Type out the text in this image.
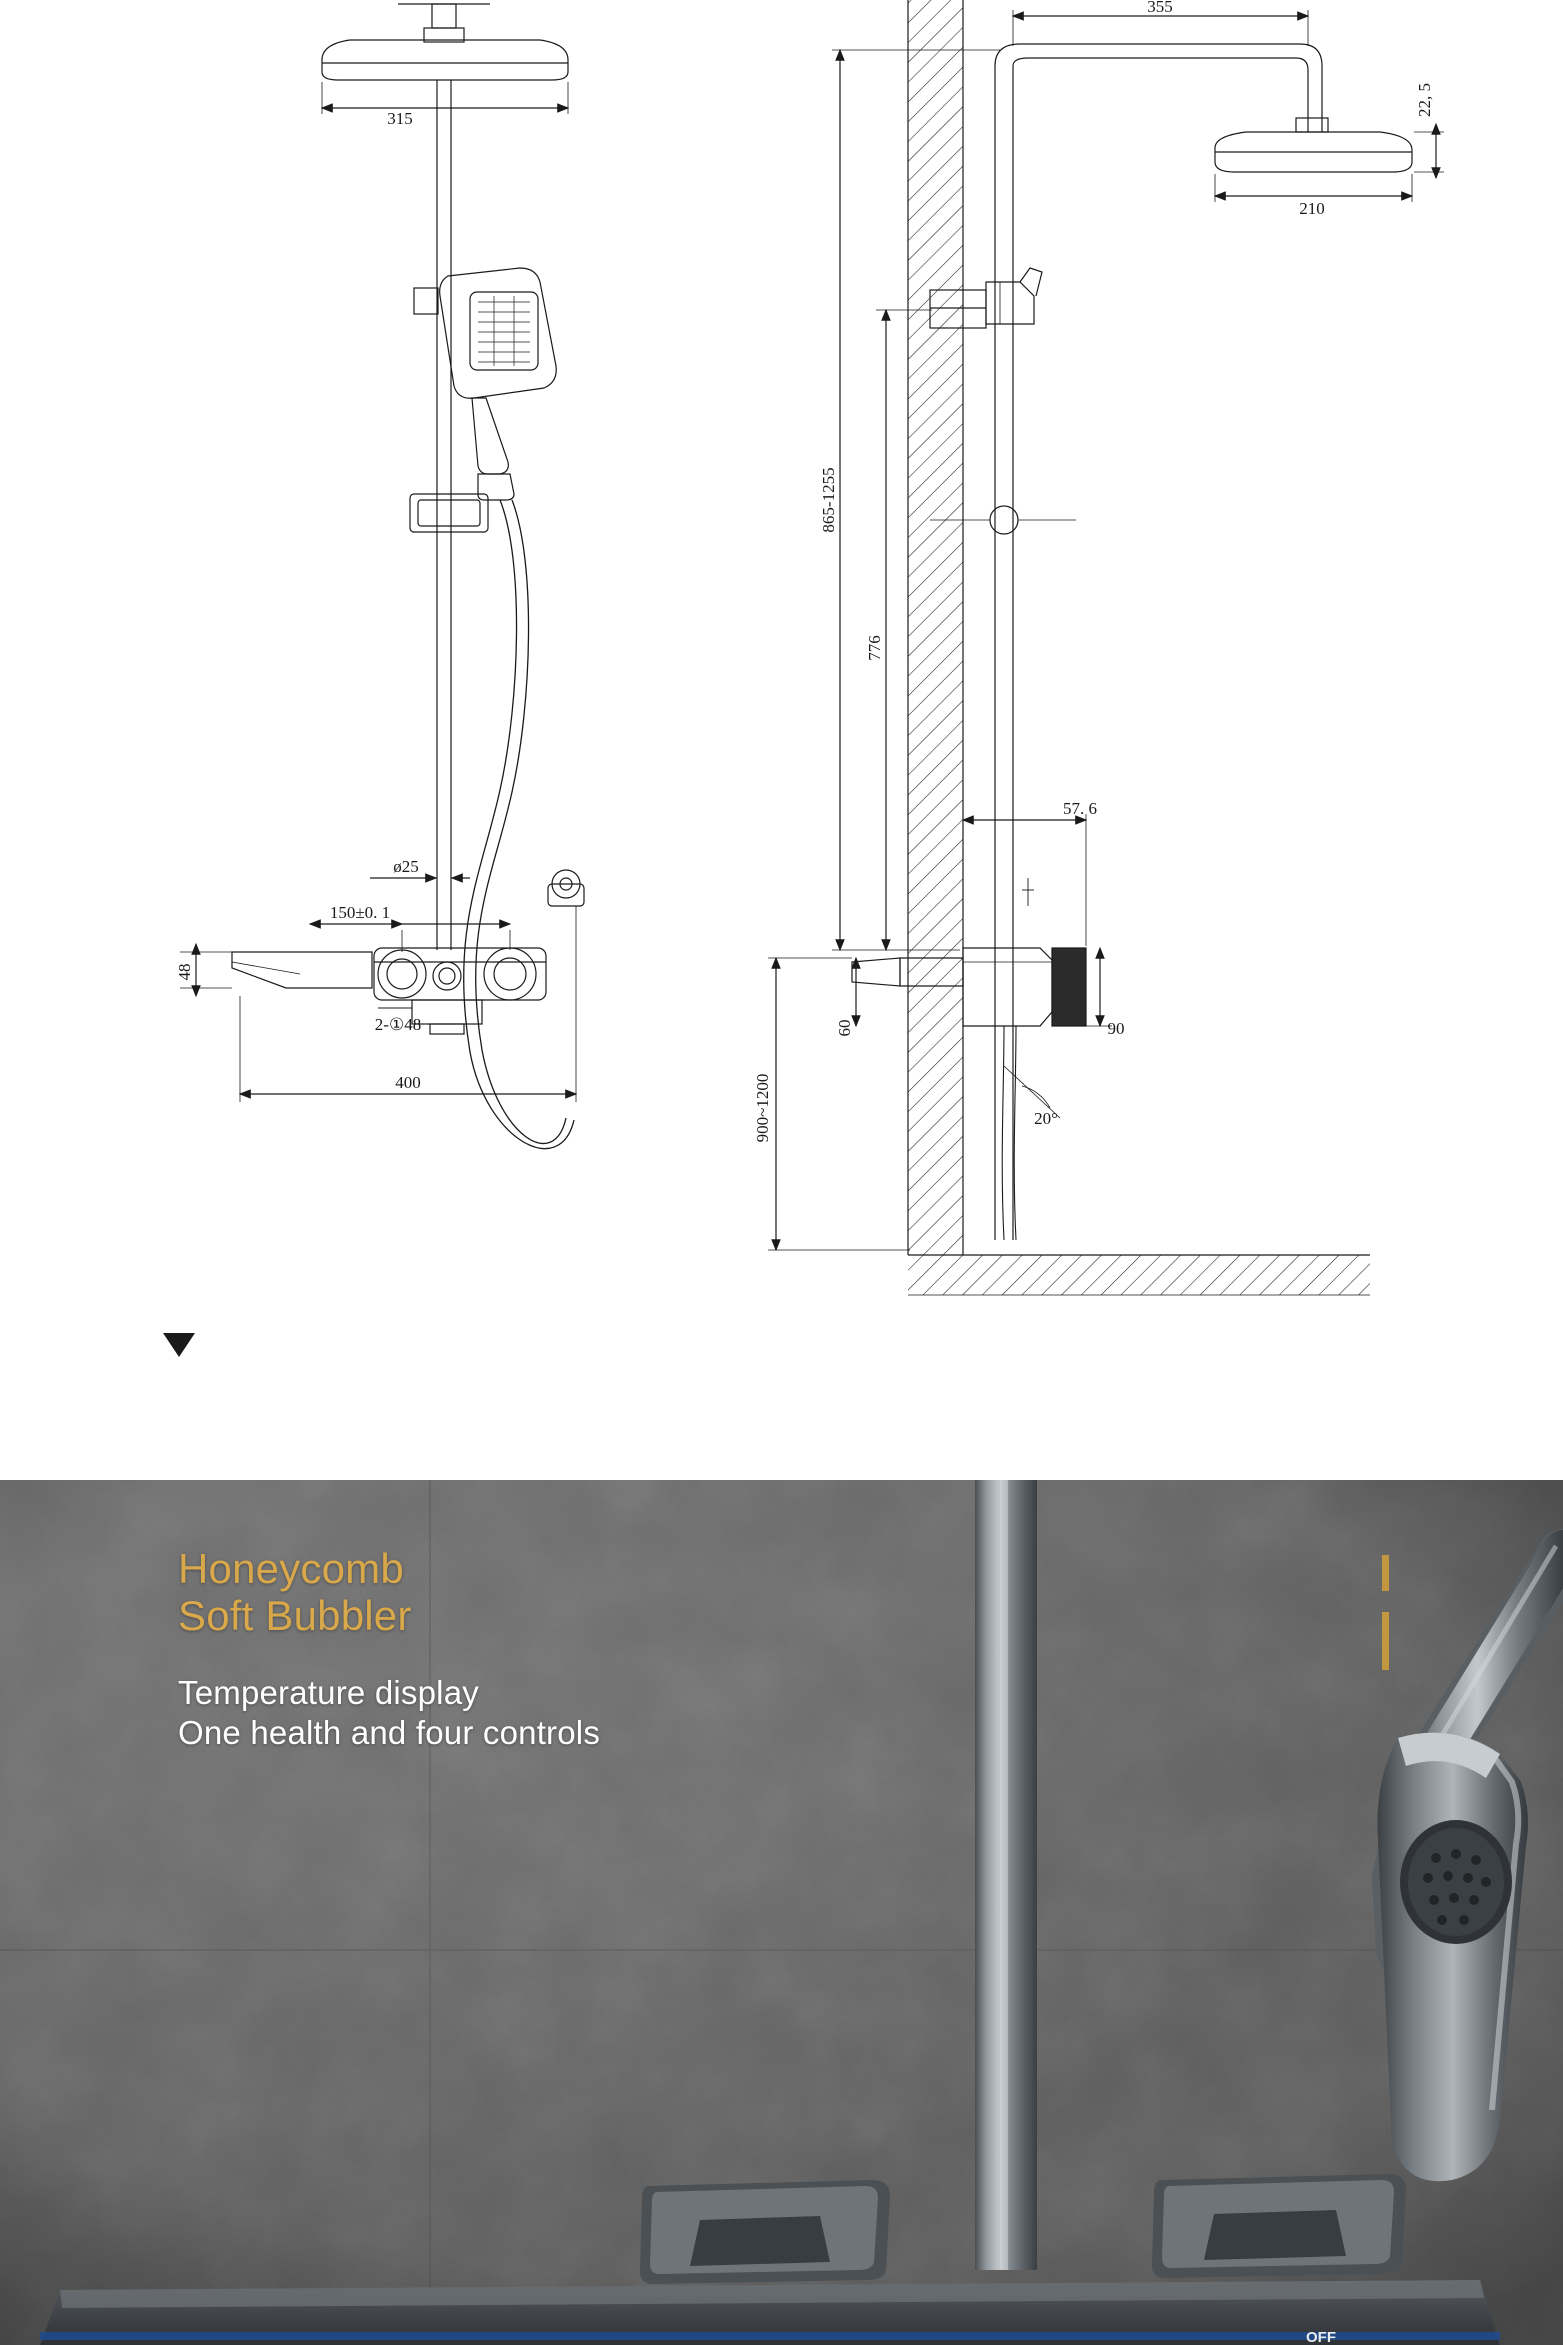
315
ø25
150±0. 1
48
2-①48
400
355
22, 5
210
865-1255
776
57. 6
60	90
20°
900~1200
OFF
Honeycomb
Soft Bubbler
Temperature display
One health and four controls
